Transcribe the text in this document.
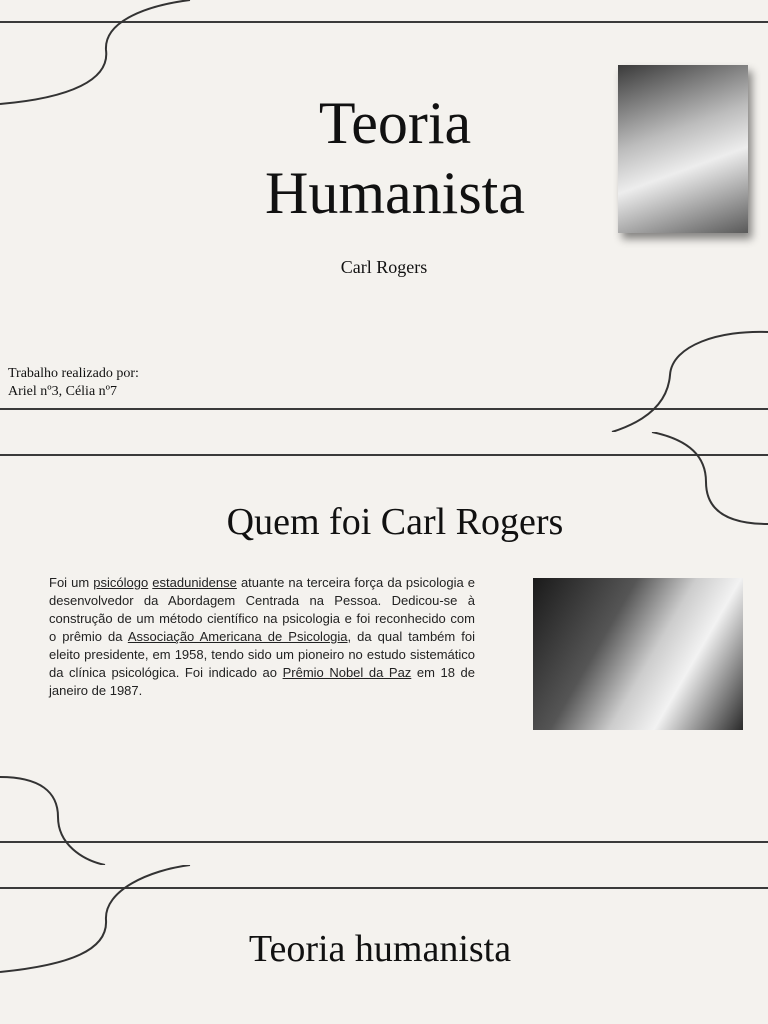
Teoria
Humanista
Carl Rogers
Trabalho realizado por:
Ariel nº3, Célia nº7
Quem foi Carl Rogers
Foi um psicólogo estadunidense atuante na terceira força da psicologia e desenvolvedor da Abordagem Centrada na Pessoa. Dedicou-se à construção de um método científico na psicologia e foi reconhecido com o prêmio da Associação Americana de Psicologia, da qual também foi eleito presidente, em 1958, tendo sido um pioneiro no estudo sistemático da clínica psicológica. Foi indicado ao Prêmio Nobel da Paz em 18 de janeiro de 1987.
Teoria humanista
